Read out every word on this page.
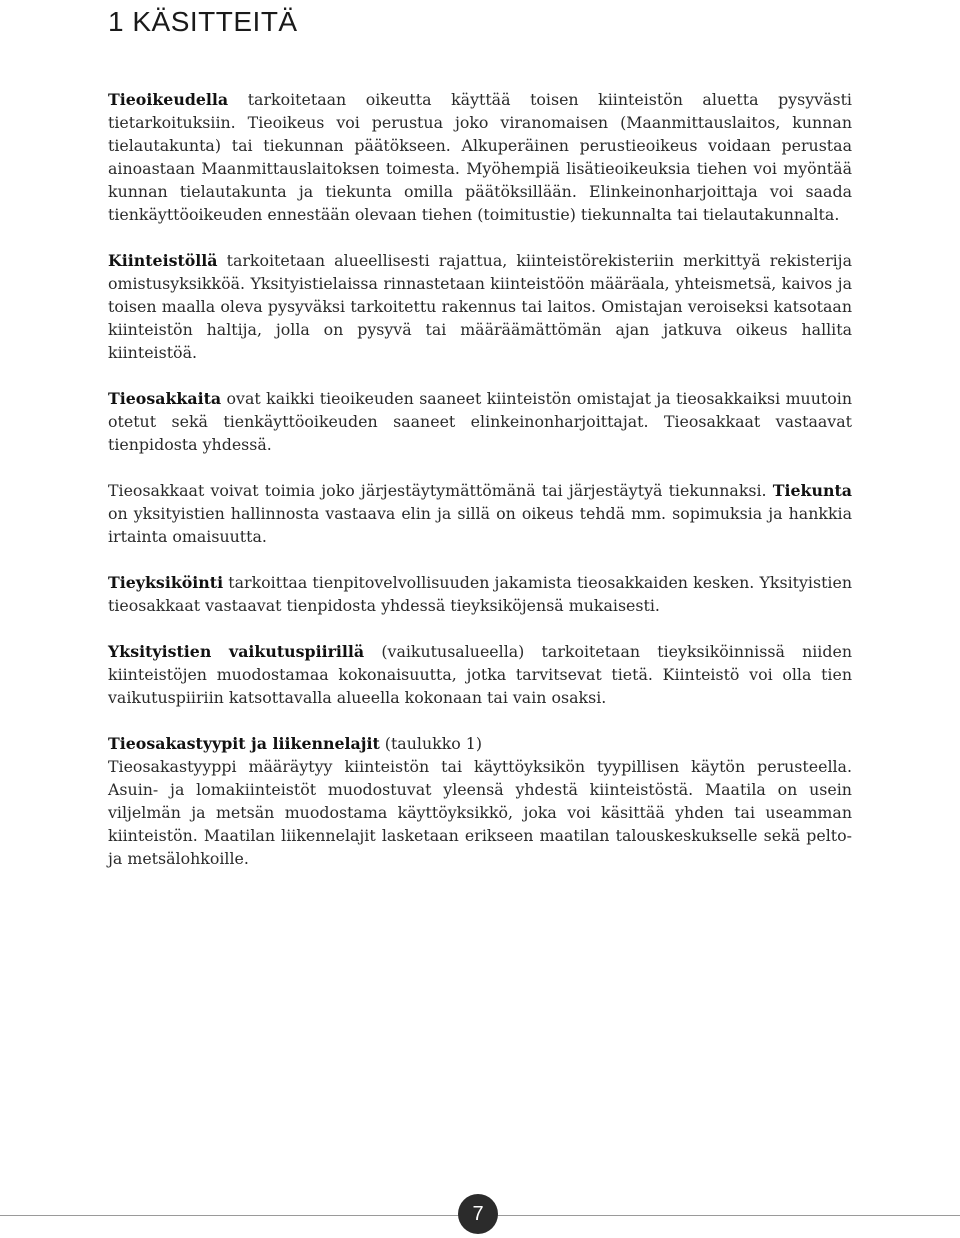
1 KÄSITTEITÄ

Tieoikeudella tarkoitetaan oikeutta käyttää toisen kiinteistön aluetta pysyvästi tietarkoituksiin. Tieoikeus voi perustua joko viranomaisen (Maanmittauslaitos, kunnan tielautakunta) tai tiekunnan päätökseen. Alkuperäinen perustieoikeus voidaan perustaa ainoastaan Maanmittauslaitoksen toimesta. Myöhempiä lisätieoikeuksia tiehen voi myöntää kunnan tielautakunta ja tiekunta omilla päätöksillään. Elinkeinonharjoittaja voi saada tienkäyttöoikeuden ennestään olevaan tiehen (toimitustie) tiekunnalta tai tielautakunnalta.

Kiinteistöllä tarkoitetaan alueellisesti rajattua, kiinteistörekisteriin merkittyä rekisterija omistusyksikköä. Yksityistielaissa rinnastetaan kiinteistöön määräala, yhteismetsä, kaivos ja toisen maalla oleva pysyväksi tarkoitettu rakennus tai laitos. Omistajan veroiseksi katsotaan kiinteistön haltija, jolla on pysyvä tai määräämättömän ajan jatkuva oikeus hallita kiinteistöä.

Tieosakkaita ovat kaikki tieoikeuden saaneet kiinteistön omistajat ja tieosakkaiksi muutoin otetut sekä tienkäyttöoikeuden saaneet elinkeinonharjoittajat. Tieosakkaat vastaavat tienpidosta yhdessä.

Tieosakkaat voivat toimia joko järjestäytymättömänä tai järjestäytyä tiekunnaksi. Tiekunta on yksityistien hallinnosta vastaava elin ja sillä on oikeus tehdä mm. sopimuksia ja hankkia irtainta omaisuutta.

Tieyksiköinti tarkoittaa tienpitovelvollisuuden jakamista tieosakkaiden kesken. Yksityistien tieosakkaat vastaavat tienpidosta yhdessä tieyksiköjensä mukaisesti.

Yksityistien vaikutuspiirillä (vaikutusalueella) tarkoitetaan tieyksiköinnissä niiden kiinteistöjen muodostamaa kokonaisuutta, jotka tarvitsevat tietä. Kiinteistö voi olla tien vaikutuspiiriin katsottavalla alueella kokonaan tai vain osaksi.

Tieosakastyypit ja liikennelajit (taulukko 1)
Tieosakastyyppi määräytyy kiinteistön tai käyttöyksikön tyypillisen käytön perusteella. Asuin- ja lomakiinteistöt muodostuvat yleensä yhdestä kiinteistöstä. Maatila on usein viljelmän ja metsän muodostama käyttöyksikkö, joka voi käsittää yhden tai useamman kiinteistön. Maatilan liikennelajit lasketaan erikseen maatilan talouskeskukselle sekä pelto- ja metsälohkoille.

7
